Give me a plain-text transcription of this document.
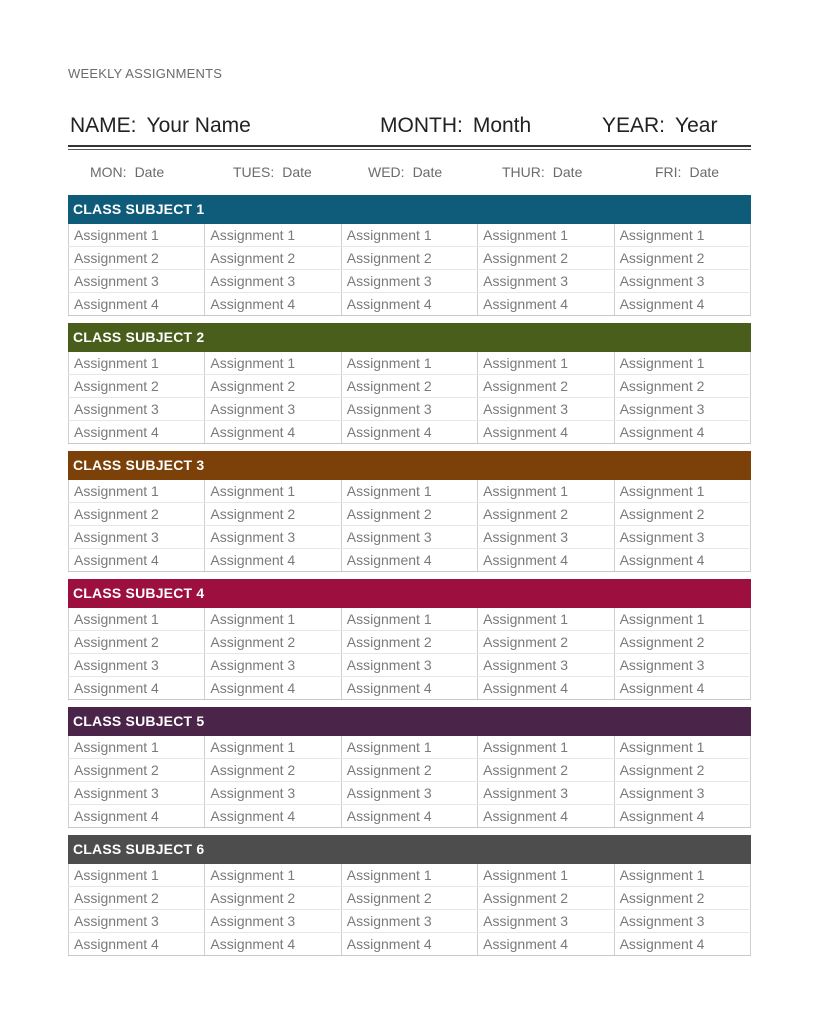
WEEKLY ASSIGNMENTS
NAME: Your Name	MONTH: Month	YEAR: Year
MON: Date	TUES: Date	WED: Date	THUR: Date	FRI: Date
CLASS SUBJECT 1
Assignment 1	Assignment 1	Assignment 1	Assignment 1	Assignment 1
Assignment 2	Assignment 2	Assignment 2	Assignment 2	Assignment 2
Assignment 3	Assignment 3	Assignment 3	Assignment 3	Assignment 3
Assignment 4	Assignment 4	Assignment 4	Assignment 4	Assignment 4
CLASS SUBJECT 2
Assignment 1	Assignment 1	Assignment 1	Assignment 1	Assignment 1
Assignment 2	Assignment 2	Assignment 2	Assignment 2	Assignment 2
Assignment 3	Assignment 3	Assignment 3	Assignment 3	Assignment 3
Assignment 4	Assignment 4	Assignment 4	Assignment 4	Assignment 4
CLASS SUBJECT 3
Assignment 1	Assignment 1	Assignment 1	Assignment 1	Assignment 1
Assignment 2	Assignment 2	Assignment 2	Assignment 2	Assignment 2
Assignment 3	Assignment 3	Assignment 3	Assignment 3	Assignment 3
Assignment 4	Assignment 4	Assignment 4	Assignment 4	Assignment 4
CLASS SUBJECT 4
Assignment 1	Assignment 1	Assignment 1	Assignment 1	Assignment 1
Assignment 2	Assignment 2	Assignment 2	Assignment 2	Assignment 2
Assignment 3	Assignment 3	Assignment 3	Assignment 3	Assignment 3
Assignment 4	Assignment 4	Assignment 4	Assignment 4	Assignment 4
CLASS SUBJECT 5
Assignment 1	Assignment 1	Assignment 1	Assignment 1	Assignment 1
Assignment 2	Assignment 2	Assignment 2	Assignment 2	Assignment 2
Assignment 3	Assignment 3	Assignment 3	Assignment 3	Assignment 3
Assignment 4	Assignment 4	Assignment 4	Assignment 4	Assignment 4
CLASS SUBJECT 6
Assignment 1	Assignment 1	Assignment 1	Assignment 1	Assignment 1
Assignment 2	Assignment 2	Assignment 2	Assignment 2	Assignment 2
Assignment 3	Assignment 3	Assignment 3	Assignment 3	Assignment 3
Assignment 4	Assignment 4	Assignment 4	Assignment 4	Assignment 4
